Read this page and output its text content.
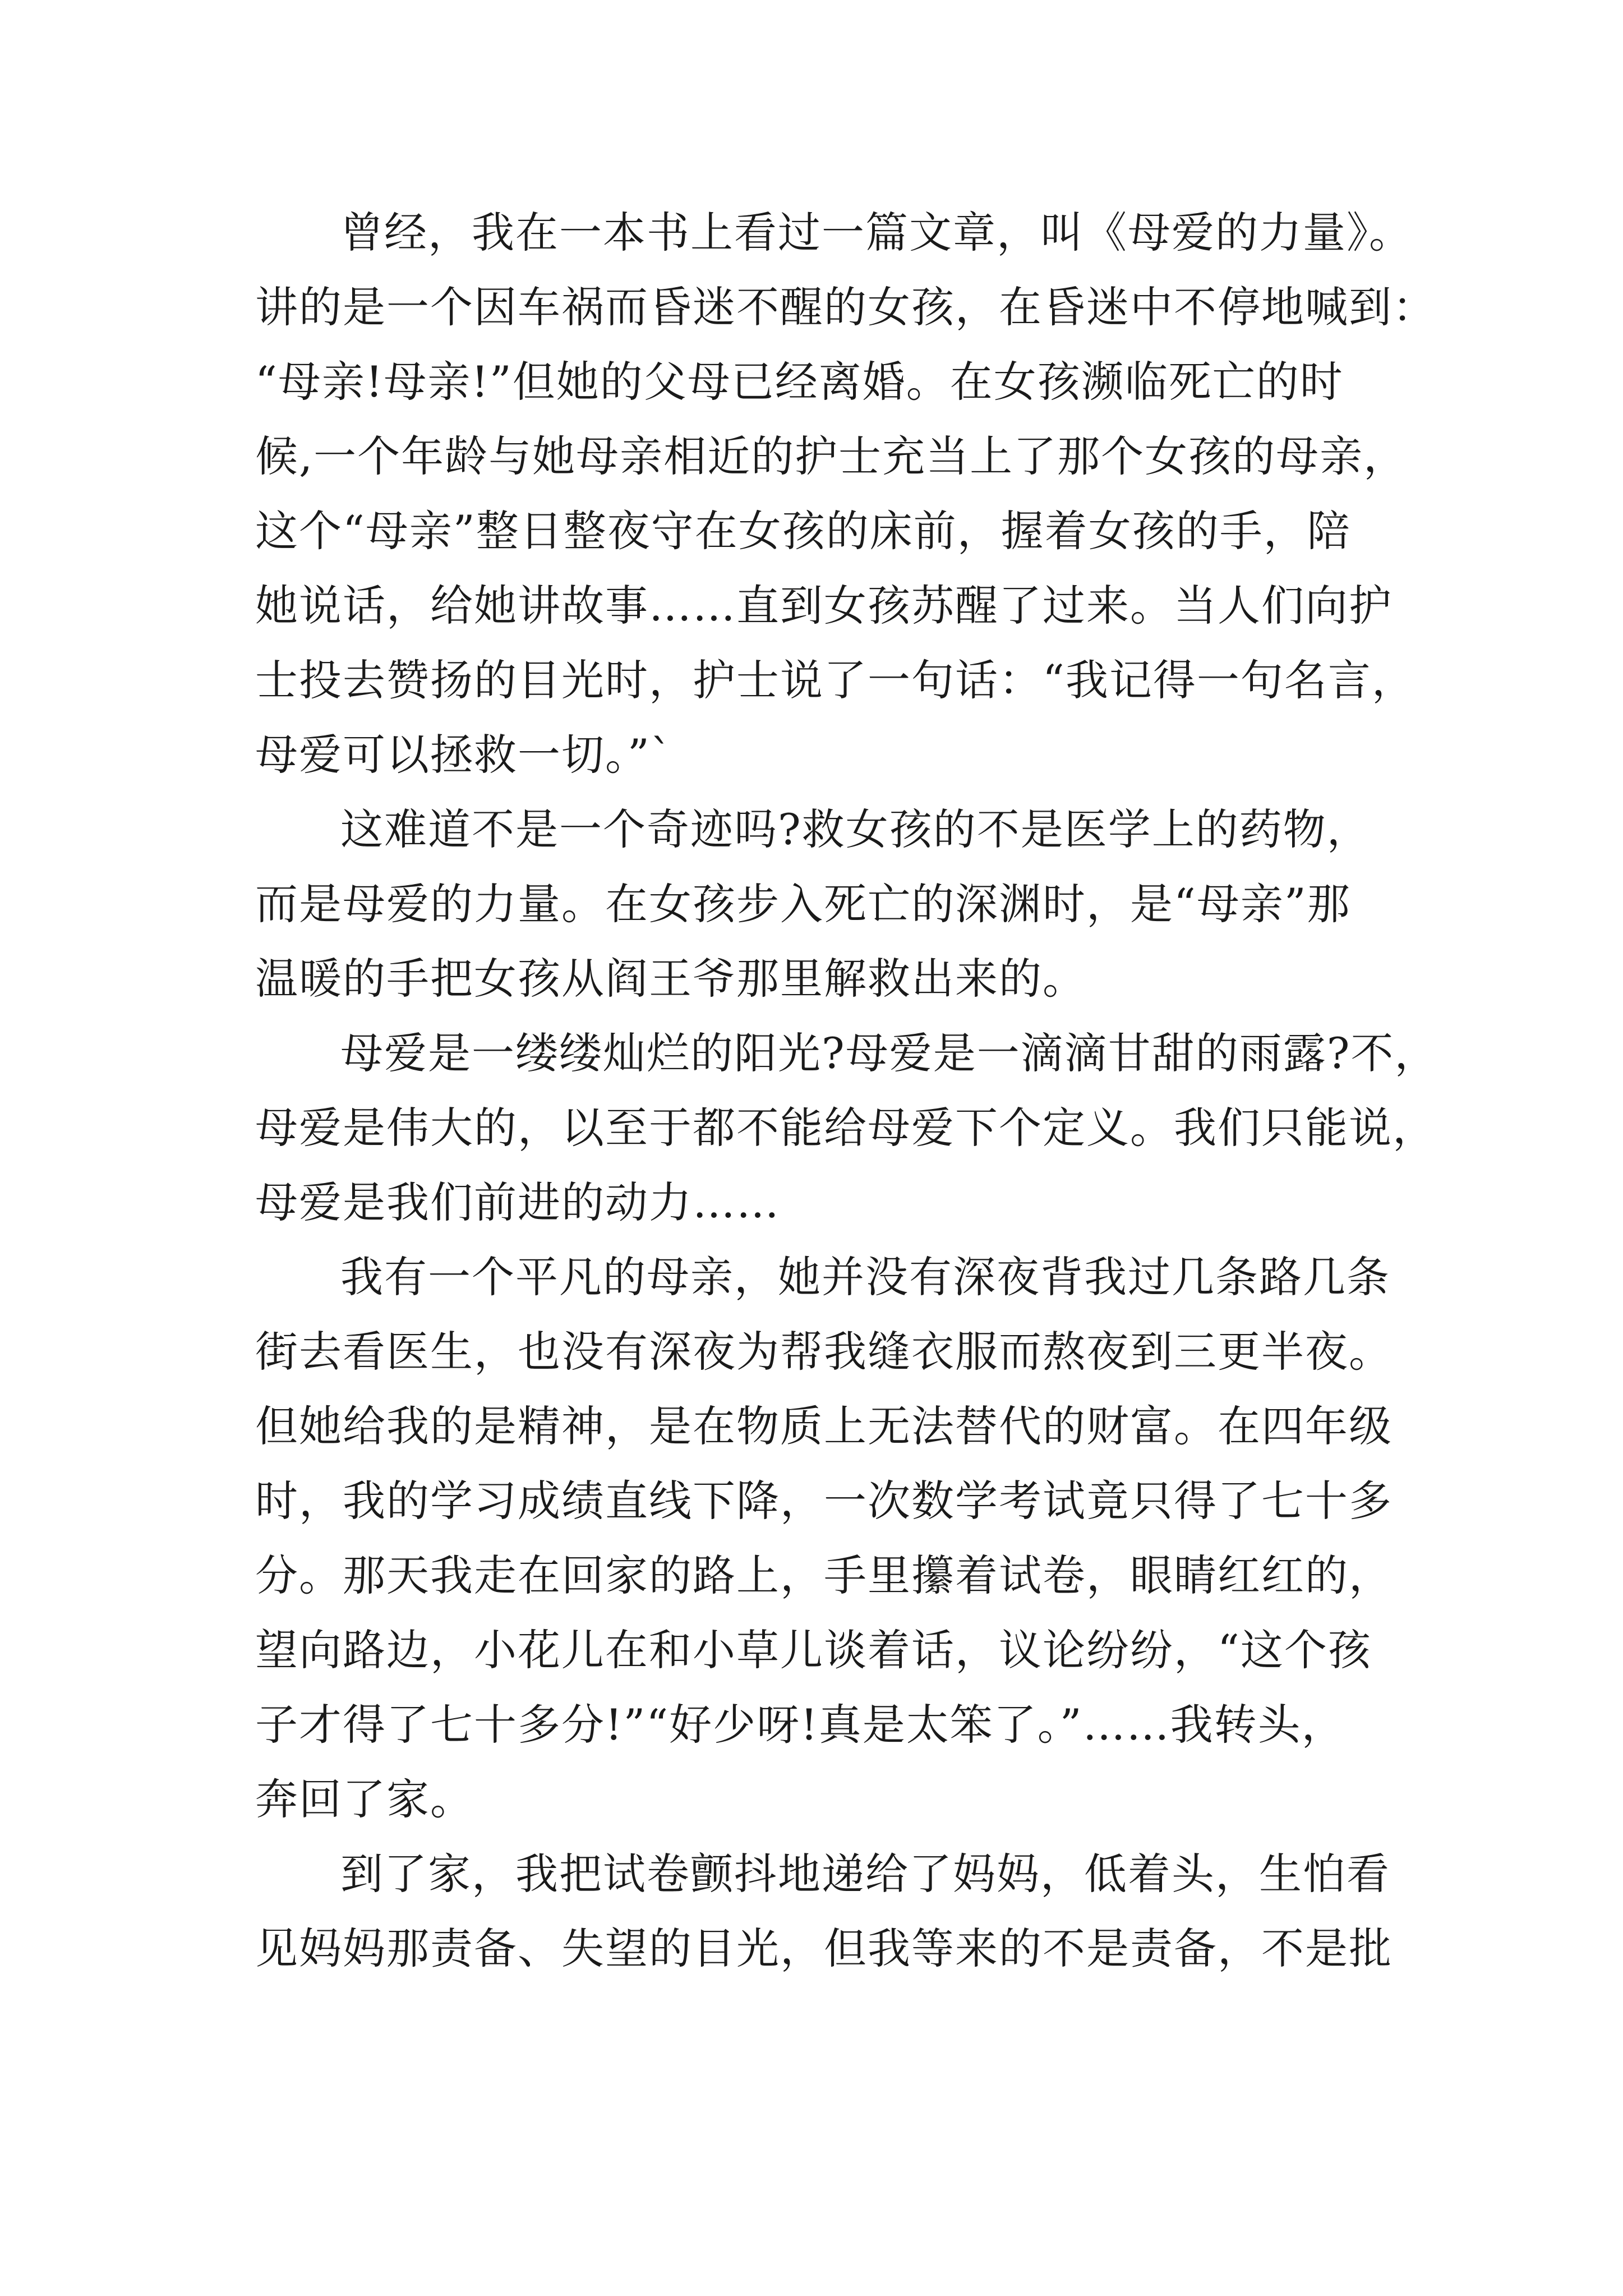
曾经，我在一本书上看过一篇文章，叫《母爱的力量》。
讲的是一个因车祸而昏迷不醒的女孩，在昏迷中不停地喊到：
“母亲!母亲!”但她的父母已经离婚。在女孩濒临死亡的时
候,一个年龄与她母亲相近的护士充当上了那个女孩的母亲，
这个“母亲”整日整夜守在女孩的床前，握着女孩的手，陪
她说话，给她讲故事……直到女孩苏醒了过来。当人们向护
士投去赞扬的目光时，护士说了一句话：“我记得一句名言，
母爱可以拯救一切。”`
这难道不是一个奇迹吗?救女孩的不是医学上的药物，
而是母爱的力量。在女孩步入死亡的深渊时，是“母亲”那
温暖的手把女孩从阎王爷那里解救出来的。
母爱是一缕缕灿烂的阳光?母爱是一滴滴甘甜的雨露?不，
母爱是伟大的，以至于都不能给母爱下个定义。我们只能说，
母爱是我们前进的动力……
我有一个平凡的母亲，她并没有深夜背我过几条路几条
街去看医生，也没有深夜为帮我缝衣服而熬夜到三更半夜。
但她给我的是精神，是在物质上无法替代的财富。在四年级
时，我的学习成绩直线下降，一次数学考试竟只得了七十多
分。那天我走在回家的路上，手里攥着试卷，眼睛红红的，
望向路边，小花儿在和小草儿谈着话，议论纷纷，“这个孩
子才得了七十多分!”“好少呀!真是太笨了。”……我转头，
奔回了家。
到了家，我把试卷颤抖地递给了妈妈，低着头，生怕看
见妈妈那责备、失望的目光，但我等来的不是责备，不是批
